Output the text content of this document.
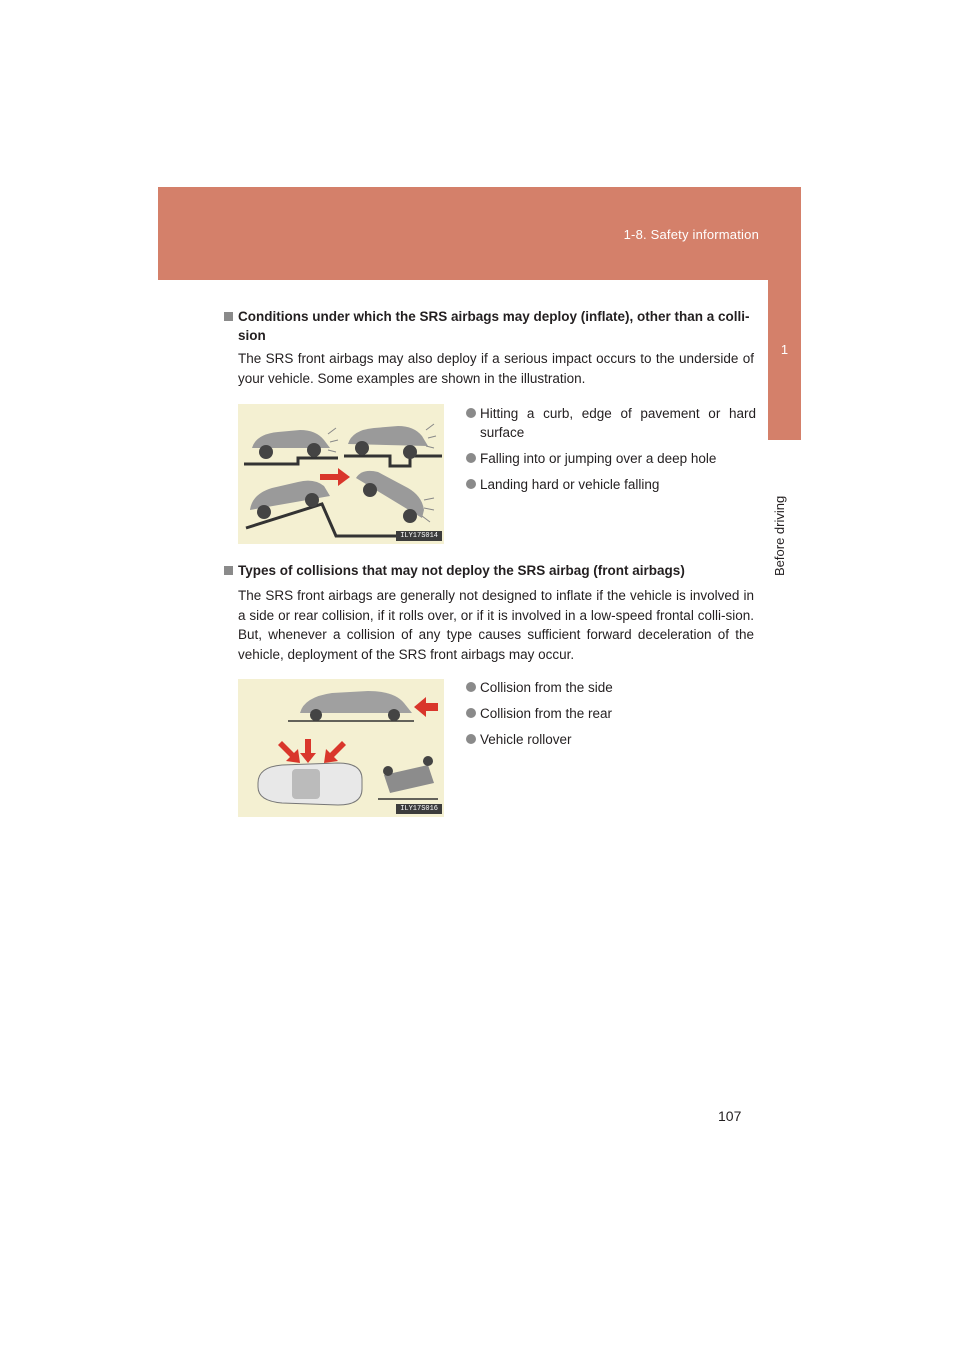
1-8. Safety information
1
Before driving
Conditions under which the SRS airbags may deploy (inflate), other than a colli-
sion
The SRS front airbags may also deploy if a serious impact occurs to the underside of your vehicle. Some examples are shown in the illustration.
ILY17S014
Hitting a curb, edge of pavement or hard surface
Falling into or jumping over a deep hole
Landing hard or vehicle falling
Types of collisions that may not deploy the SRS airbag (front airbags)
The SRS front airbags are generally not designed to inflate if the vehicle is involved in a side or rear collision, if it rolls over, or if it is involved in a low-speed frontal colli-sion. But, whenever a collision of any type causes sufficient forward deceleration of the vehicle, deployment of the SRS front airbags may occur.
ILY17S016
Collision from the side
Collision from the rear
Vehicle rollover
107
